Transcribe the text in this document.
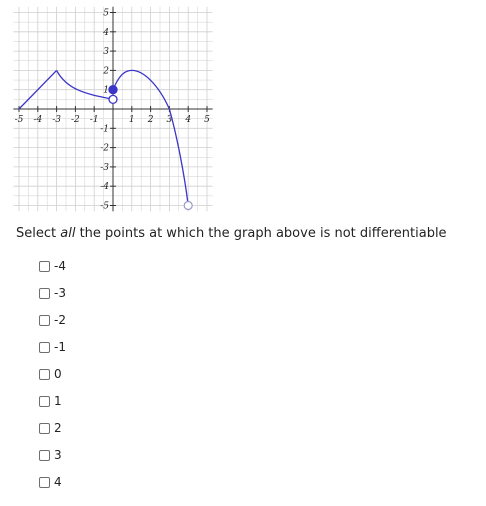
-5 -4 -3 -2 -1	1 2 3 4 5
5
4
3
2
1
-1
-2
-3
-4
-5
Select all the points at which the graph above is not differentiable
-4
-3
-2
-1
0
1
2
3
4
